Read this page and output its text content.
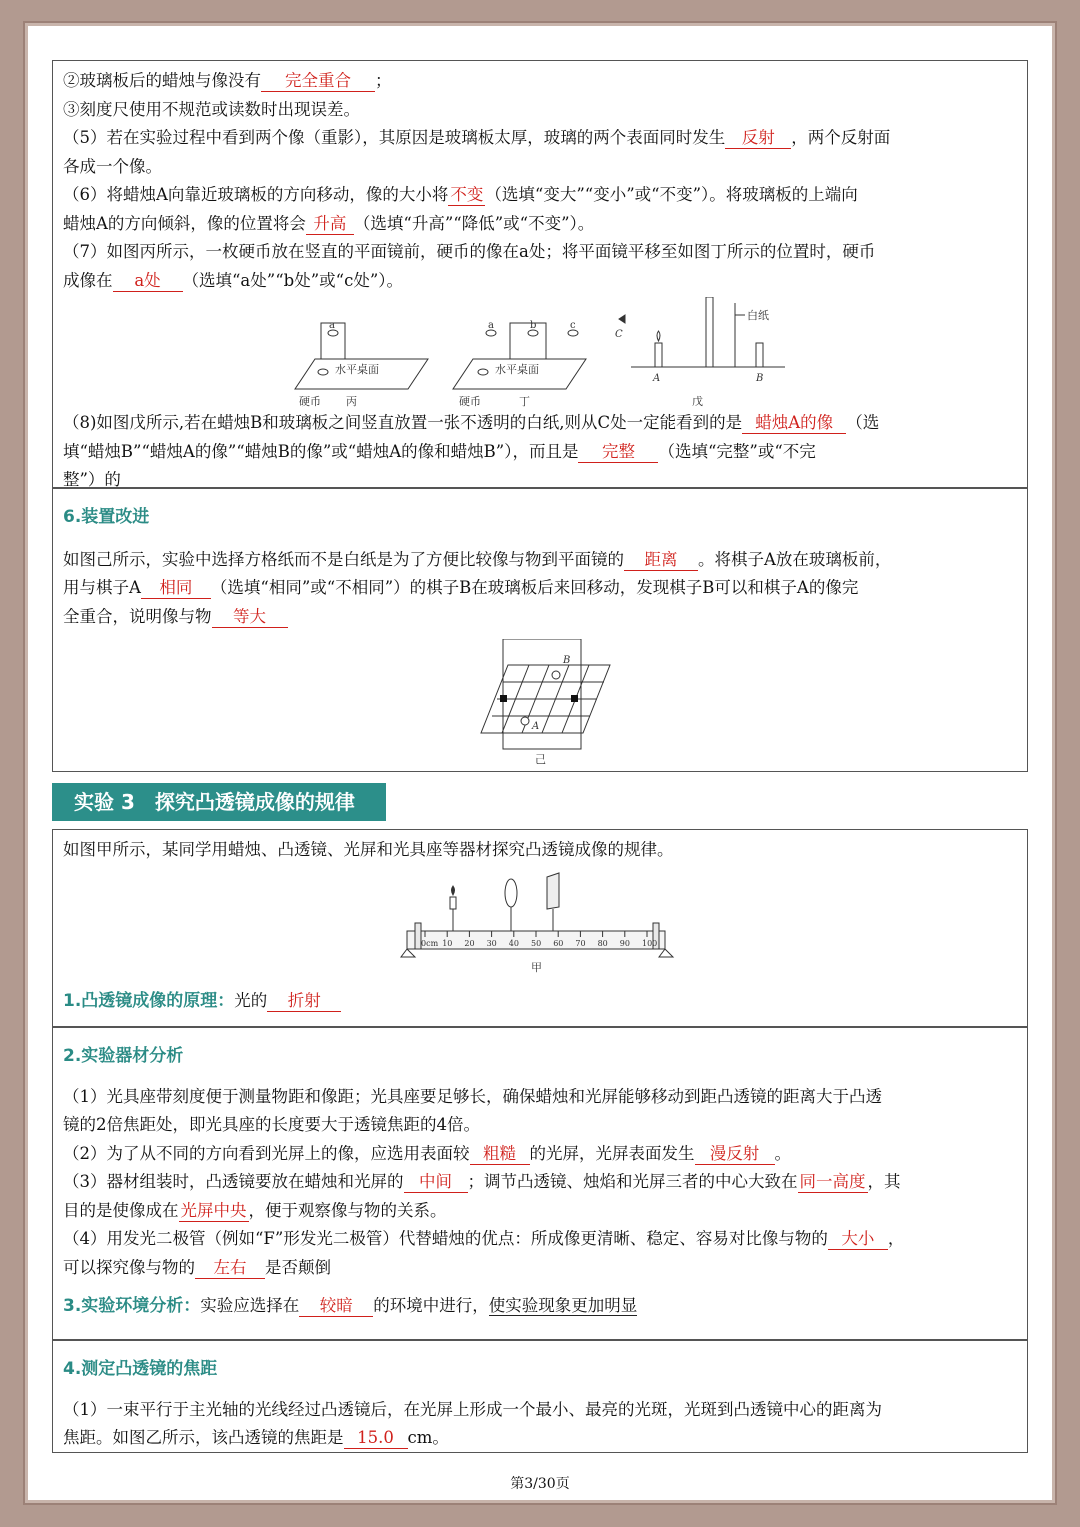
②玻璃板后的蜡烛与像没有 完全重合 ；
③刻度尺使用不规范或读数时出现误差。
（5）若在实验过程中看到两个像（重影），其原因是玻璃板太厚，玻璃的两个表面同时发生 反射 ，两个反射面
各成一个像。
（6）将蜡烛A向靠近玻璃板的方向移动，像的大小将 不变 （选填“变大”“变小”或“不变”）。将玻璃板的上端向
蜡烛A的方向倾斜，像的位置将会 升高 （选填“升高”“降低”或“不变”）。
（7）如图丙所示，一枚硬币放在竖直的平面镜前，硬币的像在a处；将平面镜平移至如图丁所示的位置时，硬币
成像在 a处 （选填“a处”“b处”或“c处”）。
a
水平桌面
硬币 丙
a	b	c
水平桌面
硬币	丁
白纸
C
A	B
戊
（8)如图戊所示,若在蜡烛B和玻璃板之间竖直放置一张不透明的白纸,则从C处一定能看到的是 蜡烛A的像 （选
填“蜡烛B”“蜡烛A的像”“蜡烛B的像”或“蜡烛A的像和蜡烛B”），而且是 完整 （选填“完整”或“不完
整”）的
6.装置改进
如图己所示，实验中选择方格纸而不是白纸是为了方便比较像与物到平面镜的 距离 。将棋子A放在玻璃板前，
用与棋子A 相同 （选填“相同”或“不相同”）的棋子B在玻璃板后来回移动，发现棋子B可以和棋子A的像完
全重合，说明像与物 等大
B
A
己
实验 3　探究凸透镜成像的规律
如图甲所示，某同学用蜡烛、凸透镜、光屏和光具座等器材探究凸透镜成像的规律。
0cm 10 20 30 40 50 60 70 80 90 100
甲
1.凸透镜成像的原理：光的 折射
2.实验器材分析
（1）光具座带刻度便于测量物距和像距；光具座要足够长，确保蜡烛和光屏能够移动到距凸透镜的距离大于凸透
镜的2倍焦距处，即光具座的长度要大于透镜焦距的4倍。
（2）为了从不同的方向看到光屏上的像，应选用表面较 粗糙 的光屏，光屏表面发生 漫反射 。
（3）器材组装时，凸透镜要放在蜡烛和光屏的 中间 ；调节凸透镜、烛焰和光屏三者的中心大致在 同一高度 ，其
目的是使像成在 光屏中央 ，便于观察像与物的关系。
（4）用发光二极管（例如“F”形发光二极管）代替蜡烛的优点：所成像更清晰、稳定、容易对比像与物的 大小 ，
可以探究像与物的 左右 是否颠倒
3.实验环境分析：实验应选择在 较暗 的环境中进行，使实验现象更加明显
4.测定凸透镜的焦距
（1）一束平行于主光轴的光线经过凸透镜后，在光屏上形成一个最小、最亮的光斑，光斑到凸透镜中心的距离为
焦距。如图乙所示，该凸透镜的焦距是 15.0 cm。
第3/30页
